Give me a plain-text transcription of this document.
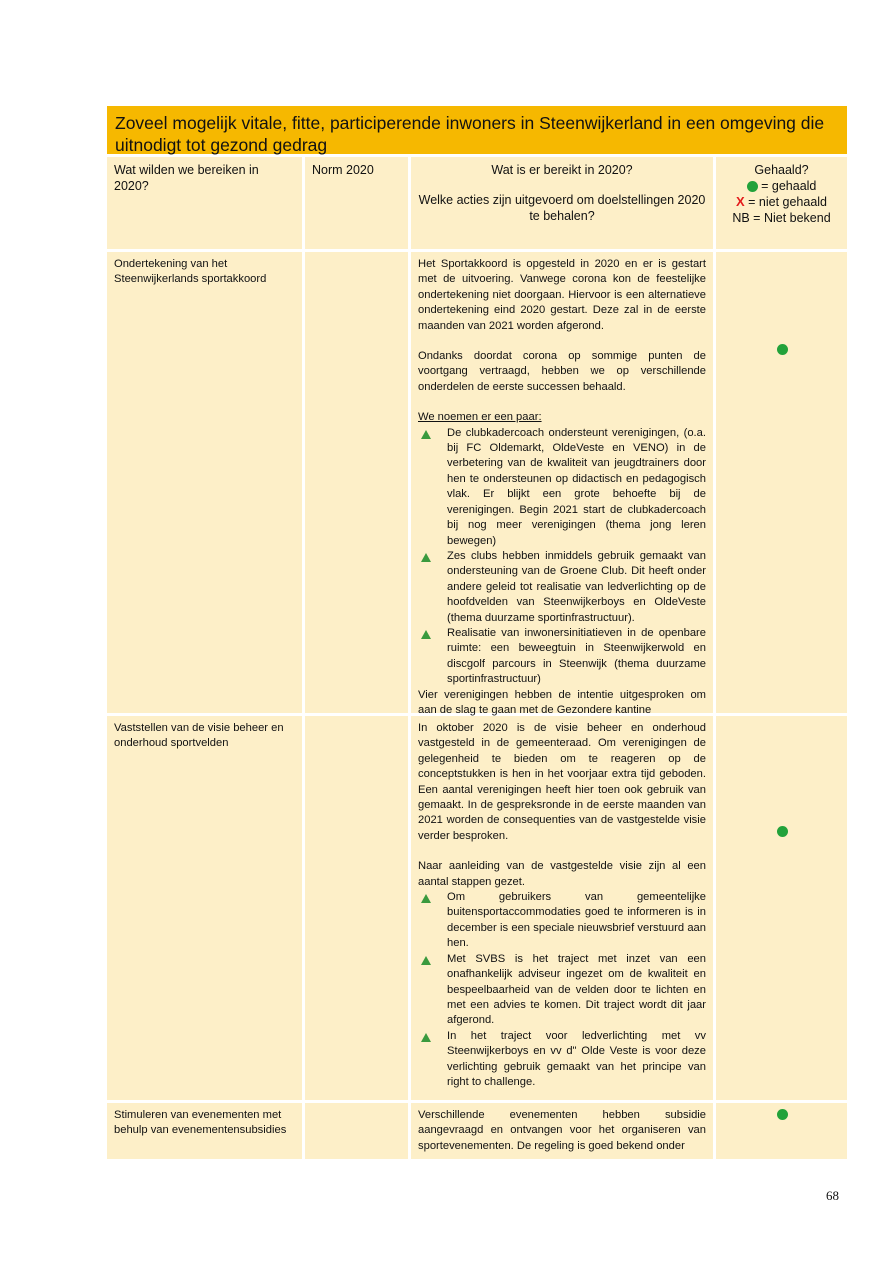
Zoveel mogelijk vitale, fitte, participerende inwoners in Steenwijkerland in een omgeving die uitnodigt tot gezond gedrag
Wat wilden we bereiken in 2020?
Norm 2020	Wat is er bereikt in 2020?
Welke acties zijn uitgevoerd om doelstellingen 2020 te behalen?
Gehaald?
= gehaald
X = niet gehaald
NB = Niet bekend
Ondertekening van het Steenwijkerlands sportakkoord
Het Sportakkoord is opgesteld in 2020 en er is gestart met de uitvoering. Vanwege corona kon de feestelijke ondertekening niet doorgaan. Hiervoor is een alternatieve ondertekening eind 2020 gestart. Deze zal in de eerste maanden van 2021 worden afgerond.
Ondanks doordat corona op sommige punten de voortgang vertraagd, hebben we op verschillende onderdelen de eerste successen behaald.
We noemen er een paar:
De clubkadercoach ondersteunt verenigingen, (o.a. bij FC Oldemarkt, OldeVeste en VENO) in de verbetering van de kwaliteit van jeugdtrainers door hen te ondersteunen op didactisch en pedagogisch vlak. Er blijkt een grote behoefte bij de verenigingen. Begin 2021 start de clubkadercoach bij nog meer verenigingen (thema jong leren bewegen)
Zes clubs hebben inmiddels gebruik gemaakt van ondersteuning van de Groene Club. Dit heeft onder andere geleid tot realisatie van ledverlichting op de hoofdvelden van Steenwijkerboys en OldeVeste (thema duurzame sportinfrastructuur).
Realisatie van inwonersinitiatieven in de openbare ruimte: een beweegtuin in Steenwijkerwold en discgolf parcours in Steenwijk (thema duurzame sportinfrastructuur)
Vier verenigingen hebben de intentie uitgesproken om aan de slag te gaan met de Gezondere kantine
Vaststellen van de visie beheer en onderhoud sportvelden
In oktober 2020 is de visie beheer en onderhoud vastgesteld in de gemeenteraad. Om verenigingen de gelegenheid te bieden om te reageren op de conceptstukken is hen in het voorjaar extra tijd geboden. Een aantal verenigingen heeft hier toen ook gebruik van gemaakt. In de gespreksronde in de eerste maanden van 2021 worden de consequenties van de vastgestelde visie verder besproken.
Naar aanleiding van de vastgestelde visie zijn al een aantal stappen gezet.
Om gebruikers van gemeentelijke buitensportaccommodaties goed te informeren is in december is een speciale nieuwsbrief verstuurd aan hen.
Met SVBS is het traject met inzet van een onafhankelijk adviseur ingezet om de kwaliteit en bespeelbaarheid van de velden door te lichten en met een advies te komen. Dit traject wordt dit jaar afgerond.
In het traject voor ledverlichting met vv Steenwijkerboys en vv d" Olde Veste is voor deze verlichting gebruik gemaakt van het principe van right to challenge.
Stimuleren van evenementen met behulp van evenementensubsidies
Verschillende evenementen hebben subsidie aangevraagd en ontvangen voor het organiseren van sportevenementen. De regeling is goed bekend onder
68
